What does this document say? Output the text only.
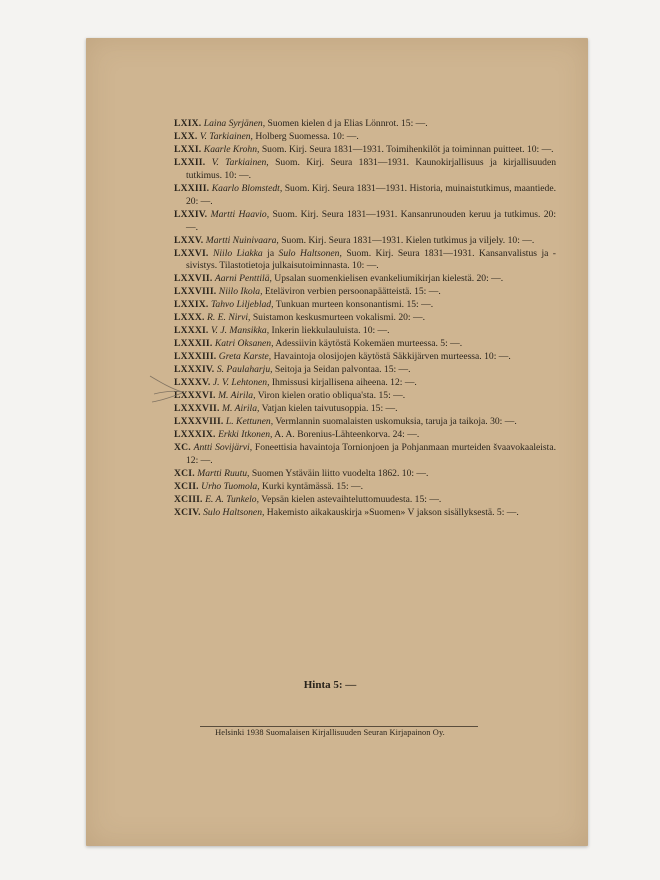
LXIX. Laina Syrjänen, Suomen kielen d ja Elias Lönnrot. 15: —.
LXX. V. Tarkiainen, Holberg Suomessa. 10: —.
LXXI. Kaarle Krohn, Suom. Kirj. Seura 1831—1931. Toimihenkilöt ja toiminnan puitteet. 10: —.
LXXII. V. Tarkiainen, Suom. Kirj. Seura 1831—1931. Kaunokirjallisuus ja kirjallisuuden tutkimus. 10: —.
LXXIII. Kaarlo Blomstedt, Suom. Kirj. Seura 1831—1931. Historia, muinaistutkimus, maantiede. 20: —.
LXXIV. Martti Haavio, Suom. Kirj. Seura 1831—1931. Kansanrunouden keruu ja tutkimus. 20: —.
LXXV. Martti Nuinivaara, Suom. Kirj. Seura 1831—1931. Kielen tutkimus ja viljely. 10: —.
LXXVI. Niilo Liakka ja Sulo Haltsonen, Suom. Kirj. Seura 1831—1931. Kansanvalistus ja -sivistys. Tilastotietoja julkaisutoiminnasta. 10: —.
LXXVII. Aarni Penttilä, Upsalan suomenkielisen evankeliumikirjan kielestä. 20: —.
LXXVIII. Niilo Ikola, Eteläviron verbien persoonapäätteistä. 15: —.
LXXIX. Tahvo Liljeblad, Tunkuan murteen konsonantismi. 15: —.
LXXX. R. E. Nirvi, Suistamon keskusmurteen vokalismi. 20: —.
LXXXI. V. J. Mansikka, Inkerin liekkulauluista. 10: —.
LXXXII. Katri Oksanen, Adessiivin käytöstä Kokemäen murteessa. 5: —.
LXXXIII. Greta Karste, Havaintoja olosijojen käytöstä Säkkijärven murteessa. 10: —.
LXXXIV. S. Paulaharju, Seitoja ja Seidan palvontaa. 15: —.
LXXXV. J. V. Lehtonen, Ihmissusi kirjallisena aiheena. 12: —.
LXXXVI. M. Airila, Viron kielen oratio obliqua'sta. 15: —.
LXXXVII. M. Airila, Vatjan kielen taivutusoppia. 15: —.
LXXXVIII. L. Kettunen, Vermlannin suomalaisten uskomuksia, taruja ja taikoja. 30: —.
LXXXIX. Erkki Itkonen, A. A. Borenius-Lähteenkorva. 24: —.
XC. Antti Sovijärvi, Foneettisia havaintoja Tornionjoen ja Pohjanmaan murteiden švaavokaaleista. 12: —.
XCI. Martti Ruutu, Suomen Ystäväin liitto vuodelta 1862. 10: —.
XCII. Urho Tuomola, Kurki kyntämässä. 15: —.
XCIII. E. A. Tunkelo, Vepsän kielen astevaihteluttomuudesta. 15: —.
XCIV. Sulo Haltsonen, Hakemisto aikakauskirja »Suomen» V jakson sisällyksestä. 5: —.
Hinta 5: —
Helsinki 1938 Suomalaisen Kirjallisuuden Seuran Kirjapainon Oy.
